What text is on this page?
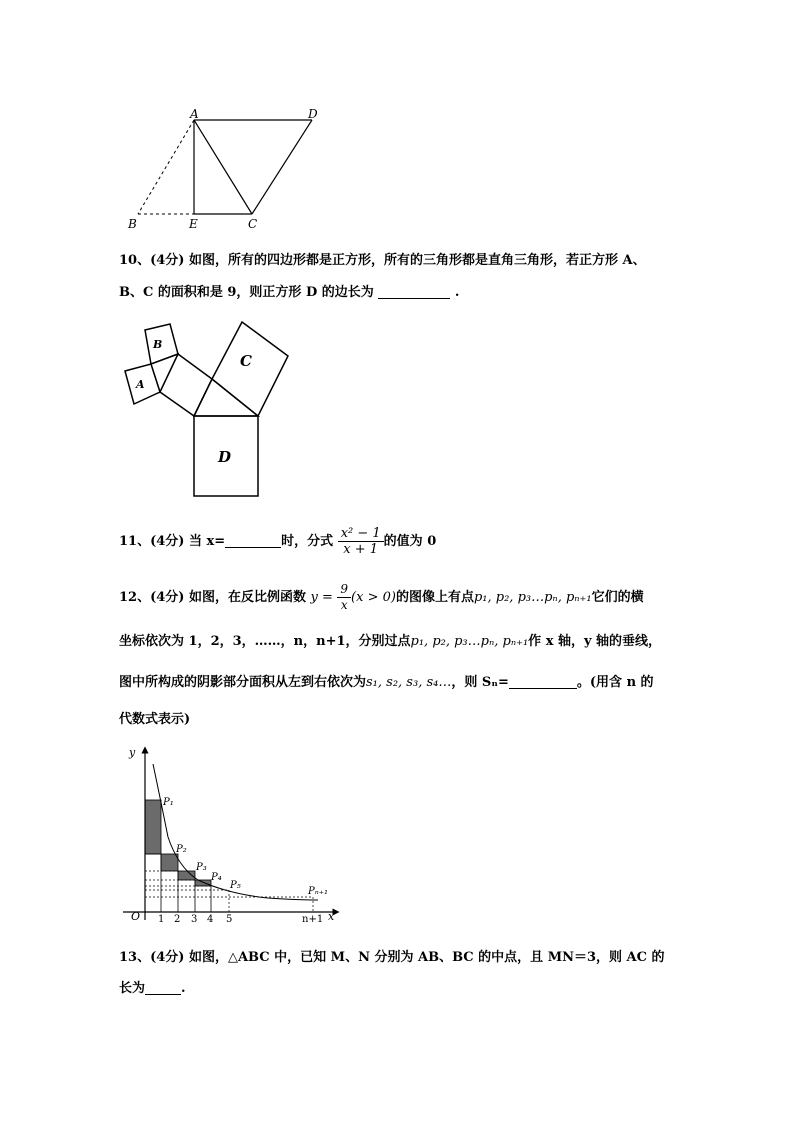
A	D
B	E	C
10、(4分) 如图，所有的四边形都是正方形，所有的三角形都是直角三角形，若正方形 A、
B、C 的面积和是 9，则正方形 D 的边长为	.
A
B
C
D
11、(4分) 当 x=	时，分式 $\frac{\text{x² − 1}}{x + 1}$ 的值为 0
12、(4分) 如图，在反比例函数 $y = \frac{9}{x} (x > 0)$的图像上有点p₁, p₂, p₃…pₙ, pₙ₊₁它们的横
坐标依次为 1，2，3，……，n，n+1，分别过点p₁, p₂, p₃…pₙ, pₙ₊₁作 x 轴，y 轴的垂线，
图中所构成的阴影部分面积从左到右依次为s₁, s₂, s₃, s₄…，则 Sₙ=	。(用含 n 的
代数式表示)
y
x
O 1 2 3 4 5	n+1
P₁
P₂
P₃
P₄
P₅
Pₙ₊₁
13、(4分) 如图，△ABC 中，已知 M、N 分别为 AB、BC 的中点，且 MN＝3，则 AC 的
长为	.
